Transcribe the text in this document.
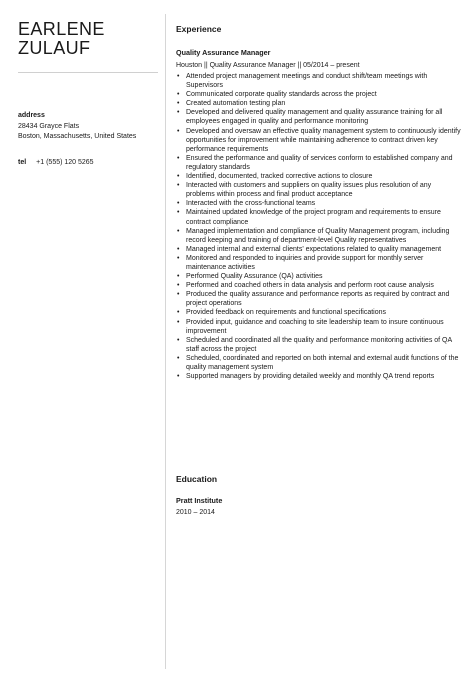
EARLENE
ZULAUF
address
28434 Grayce Flats
Boston, Massachusetts, United States
tel +1 (555) 120 5265
Experience
Quality Assurance Manager
Houston || Quality Assurance Manager || 05/2014 – present
• Attended project management meetings and conduct shift/team meetings with Supervisors
• Communicated corporate quality standards across the project
• Created automation testing plan
• Developed and delivered quality management and quality assurance training for all employees engaged in quality and performance monitoring
• Developed and oversaw an effective quality management system to continuously identify opportunities for improvement while maintaining adherence to contract driven key performance requirements
• Ensured the performance and quality of services conform to established company and regulatory standards
• Identified, documented, tracked corrective actions to closure
• Interacted with customers and suppliers on quality issues plus resolution of any problems within process and final product acceptance
• Interacted with the cross-functional teams
• Maintained updated knowledge of the project program and requirements to ensure contract compliance
• Managed implementation and compliance of Quality Management program, including record keeping and training of department-level Quality representatives
• Managed internal and external clients' expectations related to quality management
• Monitored and responded to inquiries and provide support for monthly server maintenance activities
• Performed Quality Assurance (QA) activities
• Performed and coached others in data analysis and perform root cause analysis
• Produced the quality assurance and performance reports as required by contract and project operations
• Provided feedback on requirements and functional specifications
• Provided input, guidance and coaching to site leadership team to insure continuous improvement
• Scheduled and coordinated all the quality and performance monitoring activities of QA staff across the project
• Scheduled, coordinated and reported on both internal and external audit functions of the quality management system
• Supported managers by providing detailed weekly and monthly QA trend reports
Education
Pratt Institute
2010 – 2014
